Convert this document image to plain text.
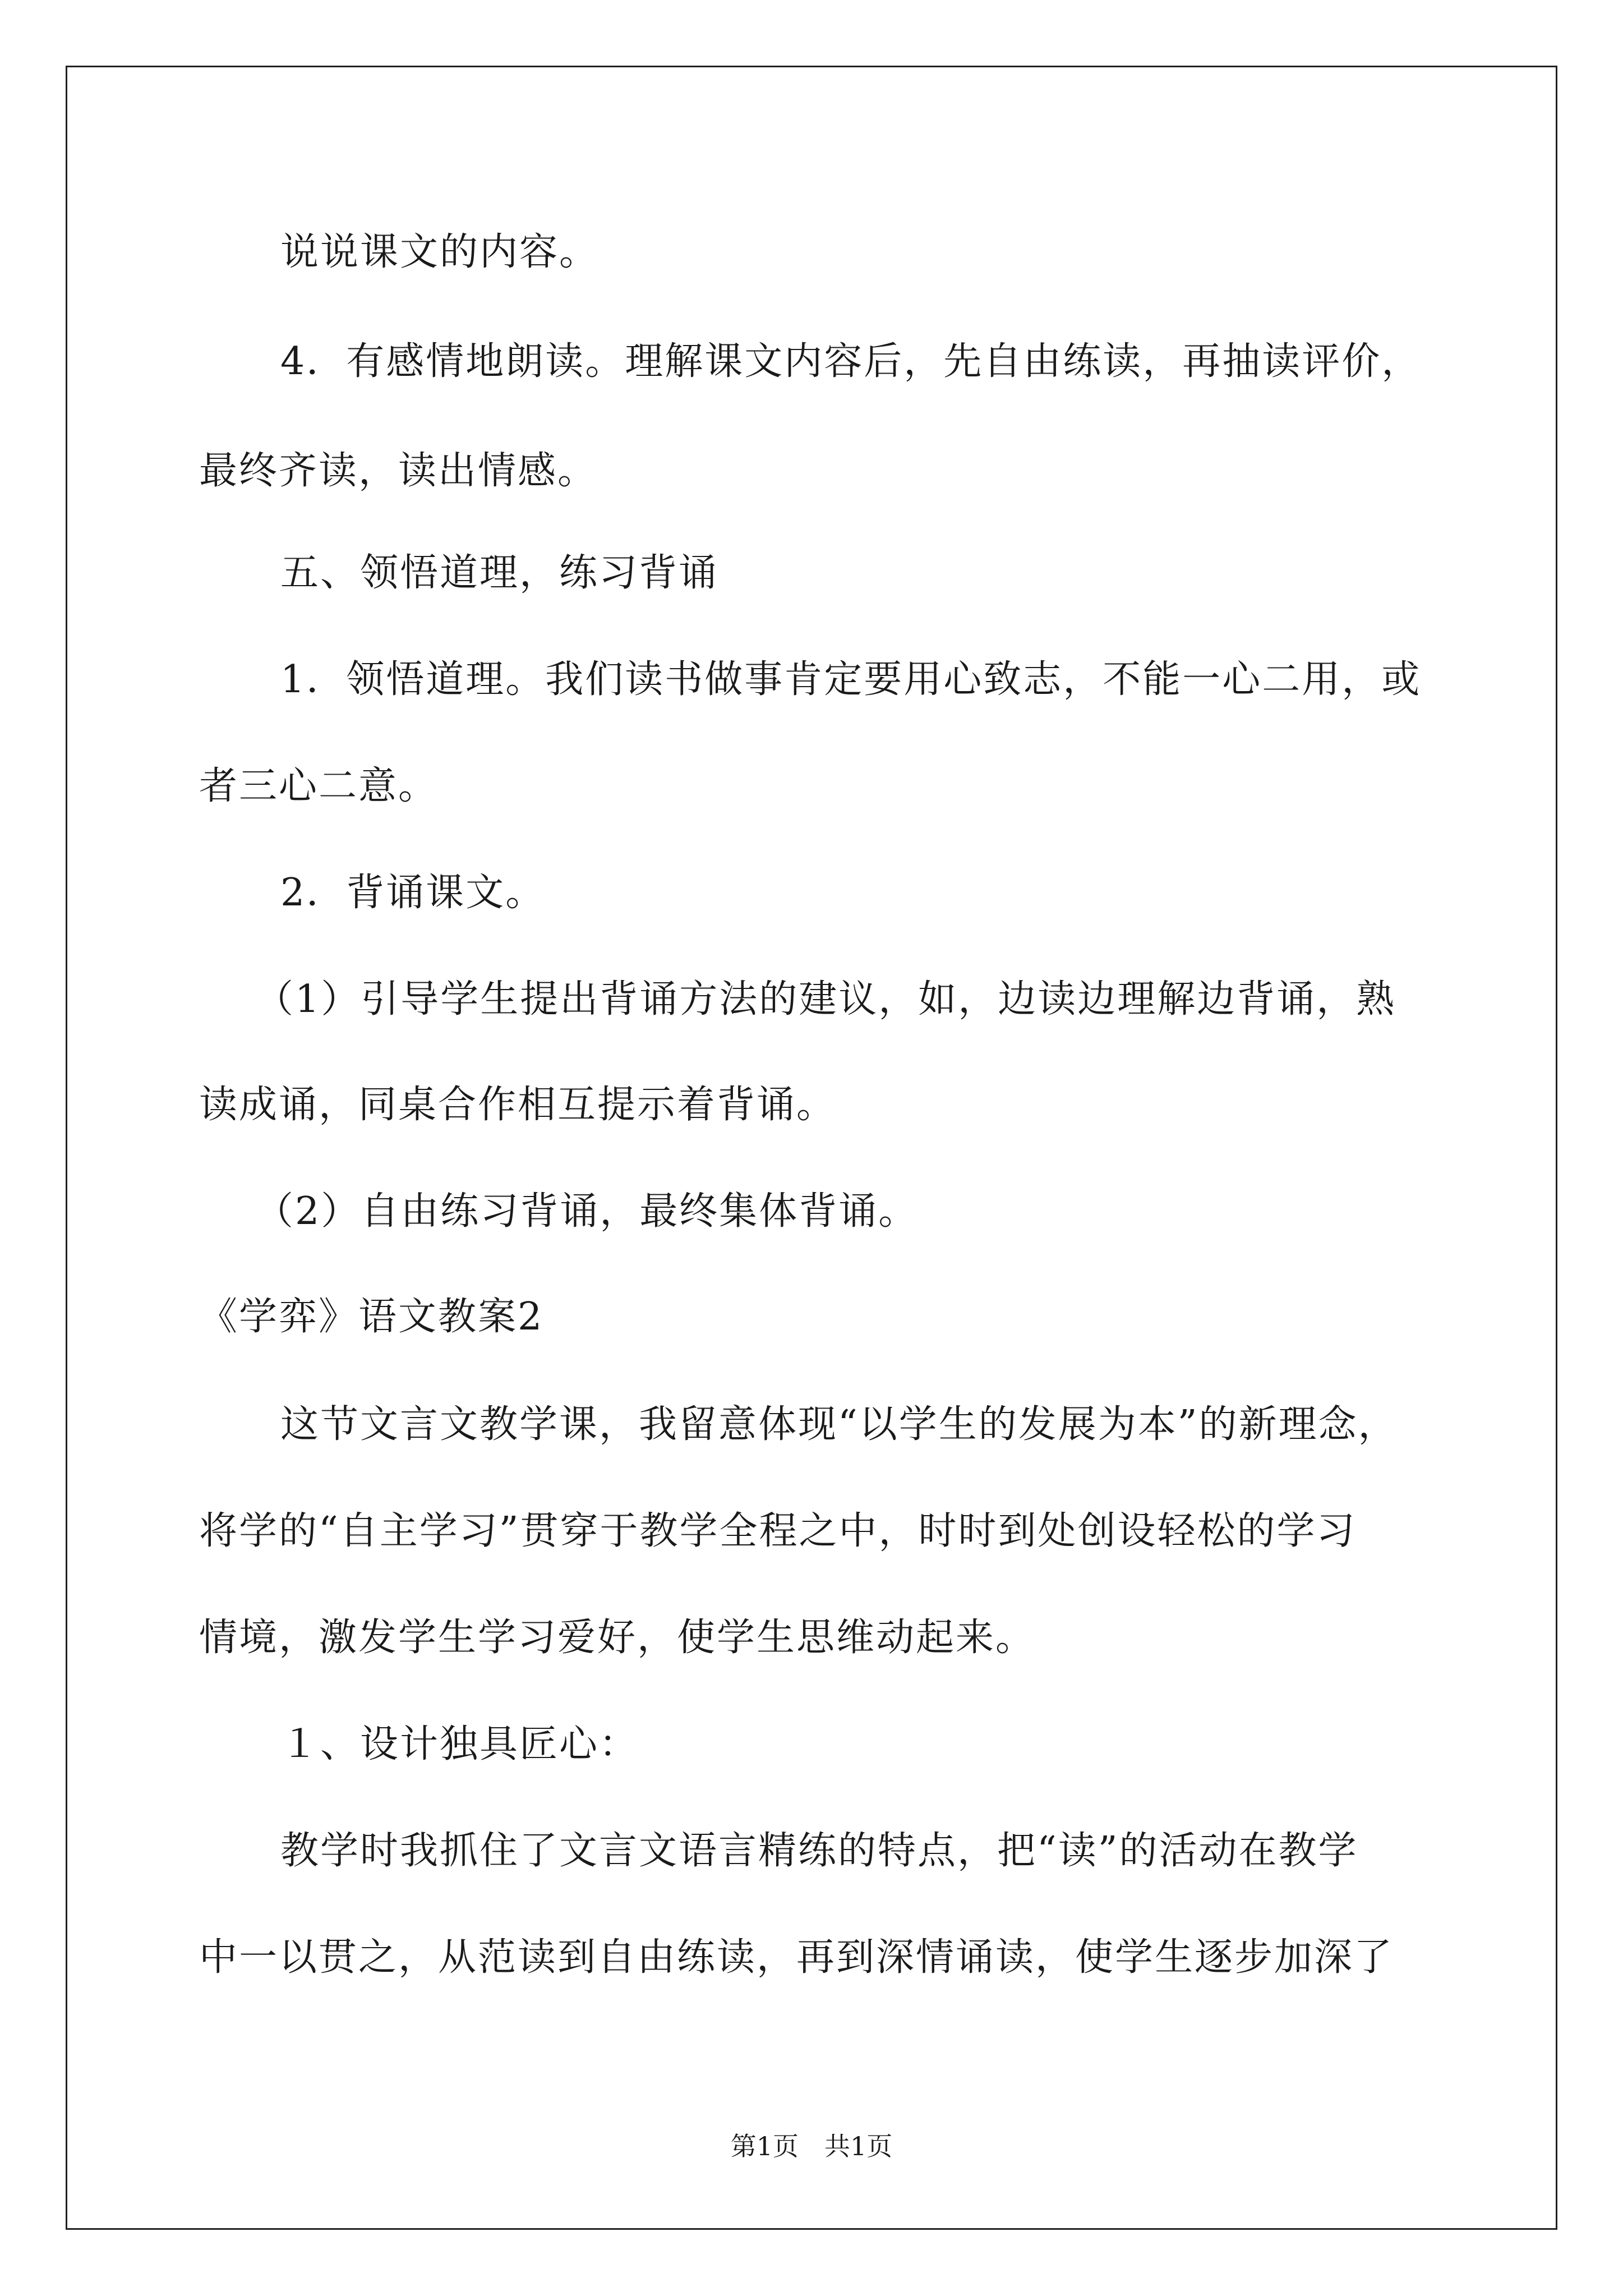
说说课文的内容。
4．有感情地朗读。理解课文内容后，先自由练读，再抽读评价，
最终齐读，读出情感。
五、领悟道理，练习背诵
1．领悟道理。我们读书做事肯定要用心致志，不能一心二用，或
者三心二意。
2．背诵课文。
（1）引导学生提出背诵方法的建议，如，边读边理解边背诵，熟
读成诵，同桌合作相互提示着背诵。
（2）自由练习背诵，最终集体背诵。
《学弈》语文教案2
这节文言文教学课，我留意体现“以学生的发展为本”的新理念，
将学的“自主学习”贯穿于教学全程之中，时时到处创设轻松的学习
情境，激发学生学习爱好，使学生思维动起来。
１、设计独具匠心：
教学时我抓住了文言文语言精练的特点，把“读”的活动在教学
中一以贯之，从范读到自由练读，再到深情诵读，使学生逐步加深了
第1页　共1页
